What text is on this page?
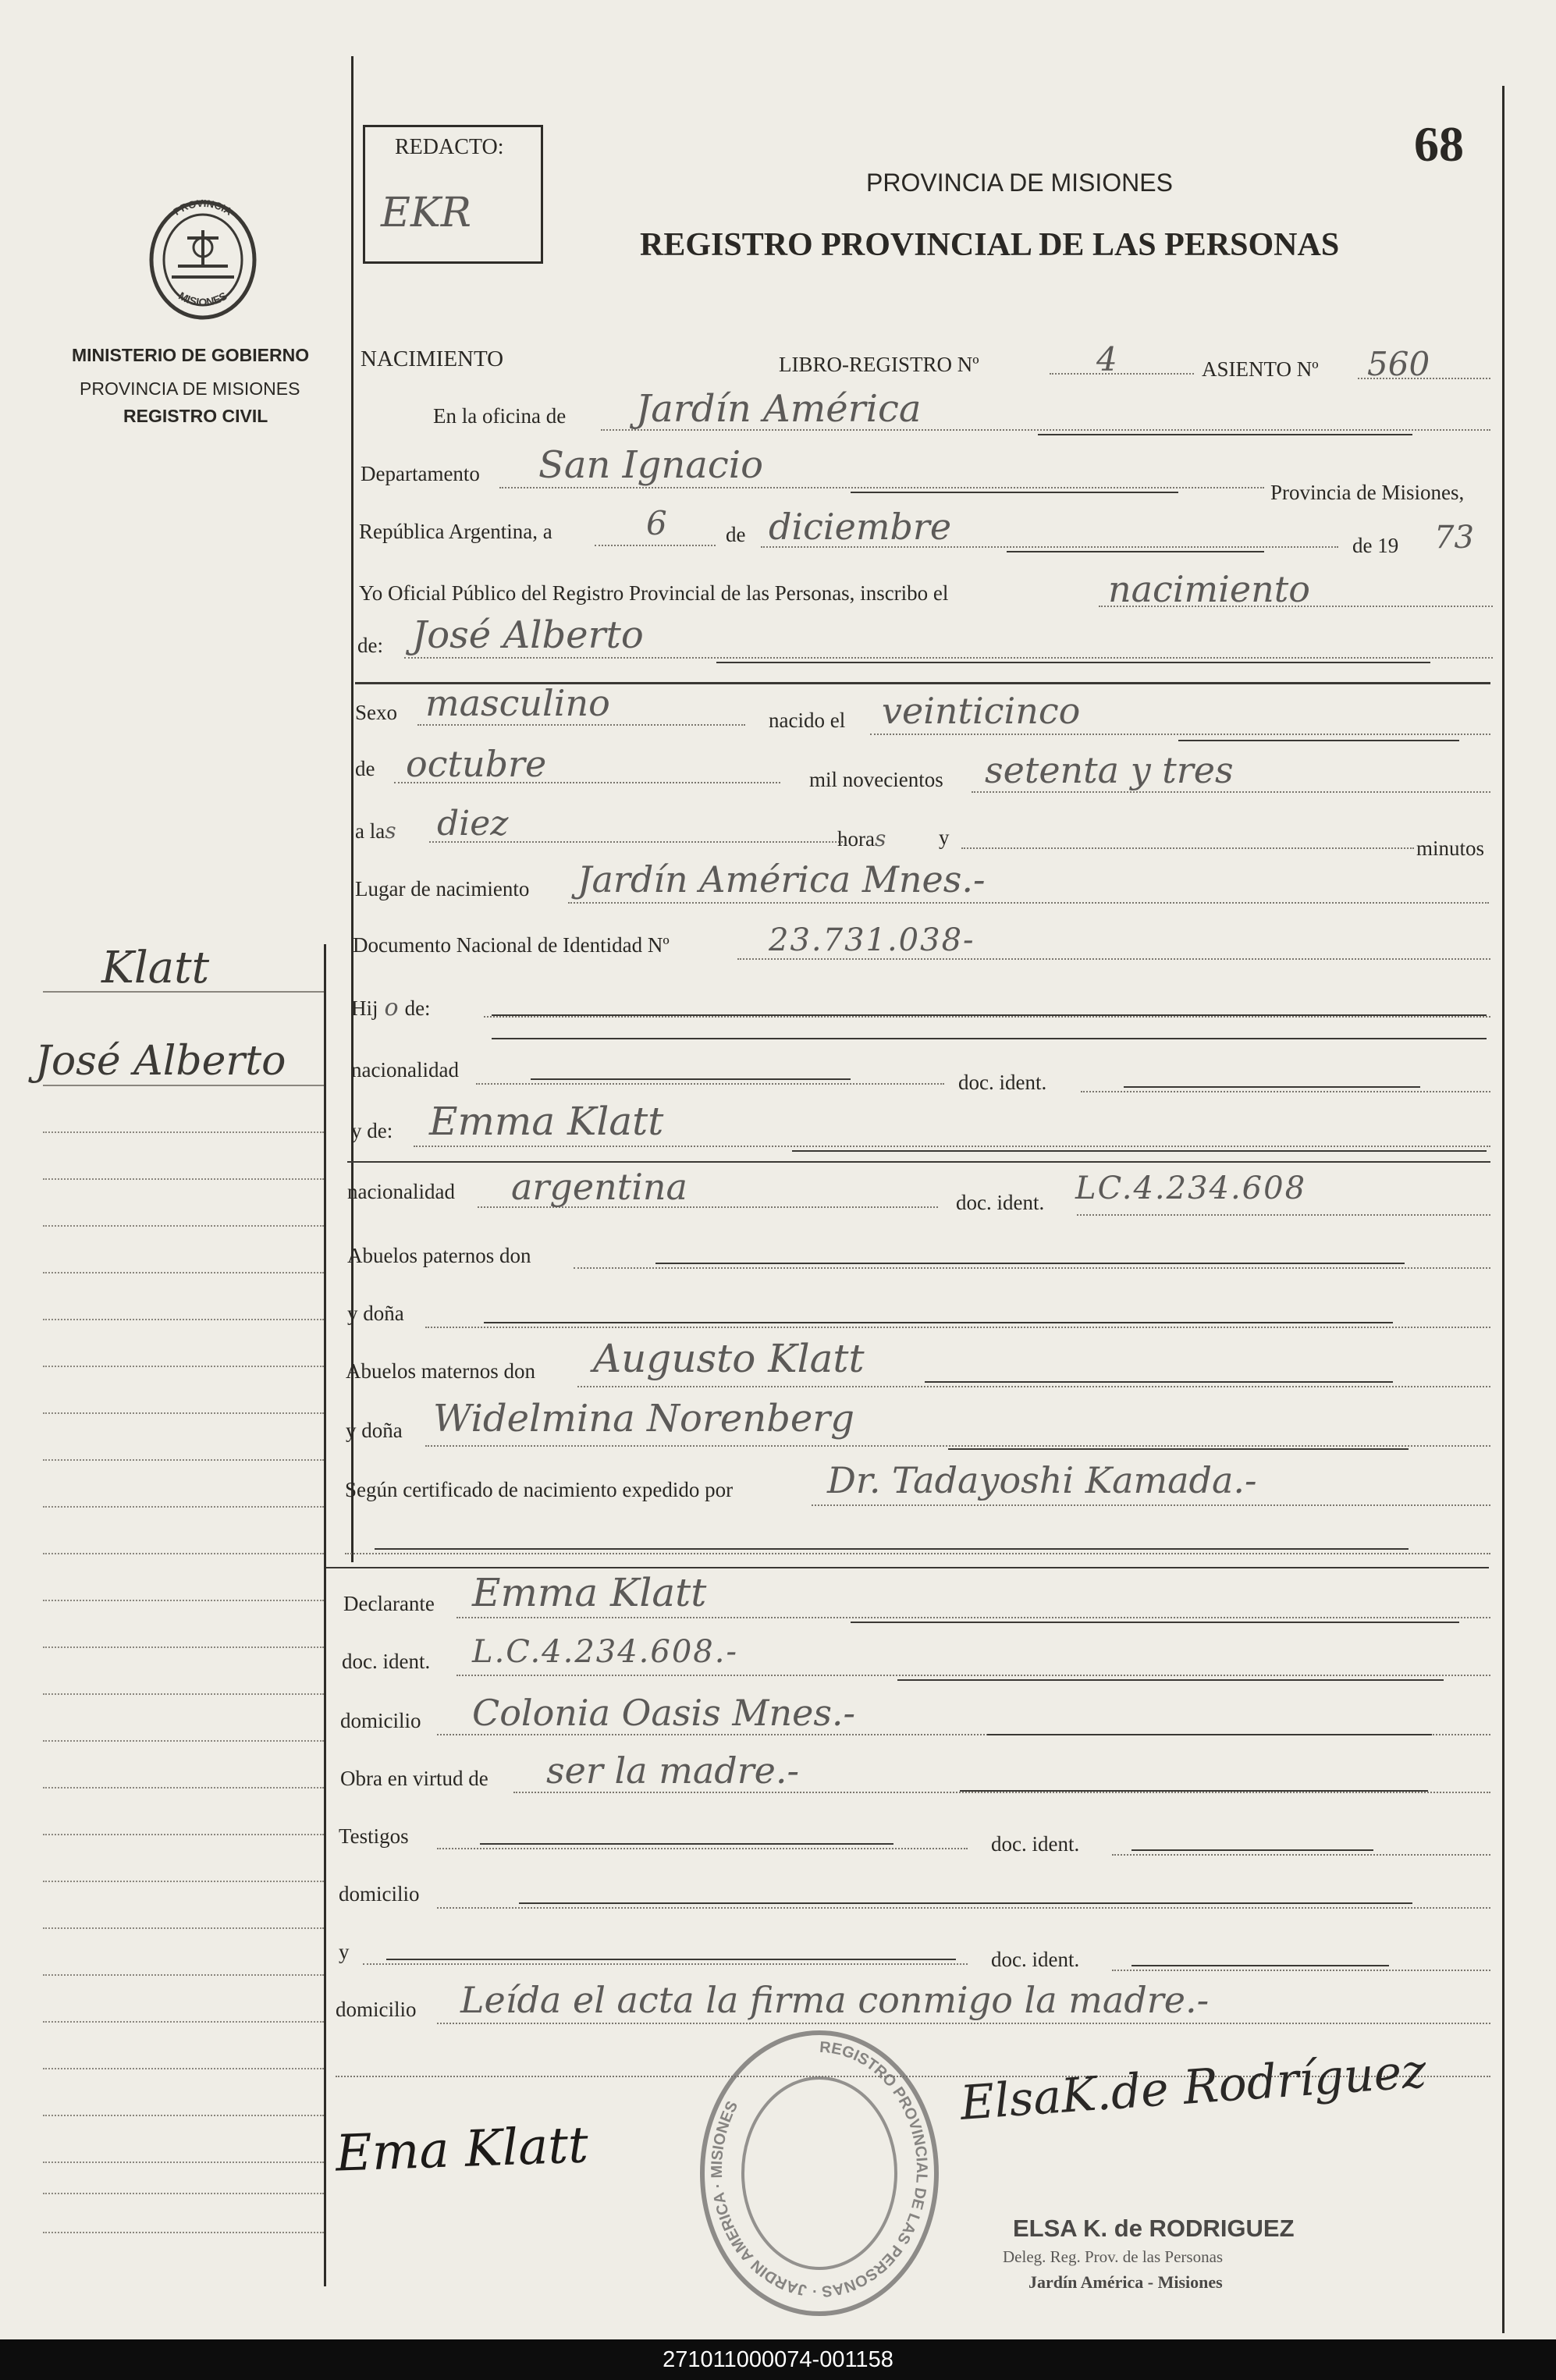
68
REDACTO:
EKR
PROVINCIA
MISIONES
MINISTERIO DE GOBIERNO
PROVINCIA DE MISIONES
REGISTRO CIVIL
PROVINCIA DE MISIONES
REGISTRO PROVINCIAL DE LAS PERSONAS
NACIMIENTO	LIBRO-REGISTRO Nº	4	ASIENTO Nº 560
En la oficina de Jardín América
Departamento San Ignacio
Provincia de Misiones,
República Argentina, a	6	de diciembre	de 19 73
Yo Oficial Público del Registro Provincial de las Personas, inscribo el	nacimiento
de: José Alberto
Sexo masculino	nacido el veinticinco
de octubre	mil novecientos setenta y tres
a las diez	horas	y	minutos
Lugar de nacimiento Jardín América Mnes.-
Documento Nacional de Identidad Nº	23.731.038-
Hij o de:
nacionalidad
doc. ident.
y de: Emma Klatt
nacionalidad argentina	doc. ident. LC.4.234.608
Abuelos paternos don
y doña
Abuelos maternos don Augusto Klatt
y doña Widelmina Norenberg
Según certificado de nacimiento expedido por	Dr. Tadayoshi Kamada.-
Declarante Emma Klatt
doc. ident. L.C.4.234.608.-
domicilio Colonia Oasis Mnes.-
Obra en virtud de ser la madre.-
Testigos	doc. ident.
domicilio
y	doc. ident.
domicilio Leída el acta la firma conmigo la madre.-
Klatt
José Alberto
Ema Klatt
ElsaK.de Rodríguez
REGISTRO PROVINCIAL DE LAS PERSONAS · JARDIN AMERICA · MISIONES
ELSA K. de RODRIGUEZ
Deleg. Reg. Prov. de las Personas
Jardín América - Misiones
271011000074-001158
